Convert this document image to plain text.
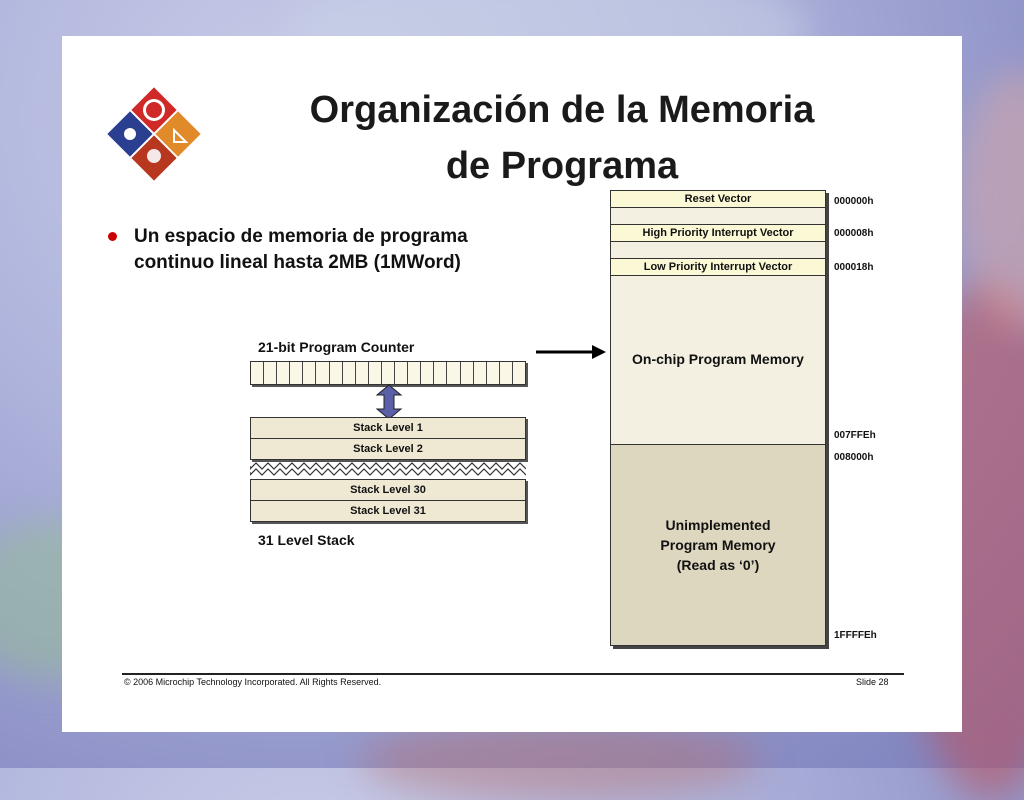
Organización de la Memoria
de Programa
Un espacio de memoria de programa
continuo lineal hasta 2MB (1MWord)
21-bit Program Counter
Stack Level 1
Stack Level 2
Stack Level 30
Stack Level 31
31 Level Stack
Reset Vector
High Priority Interrupt Vector
Low Priority Interrupt Vector
On-chip Program Memory
Unimplemented
Program Memory
(Read as ‘0’)
000000h
000008h
000018h
007FFEh
008000h
1FFFFEh
© 2006 Microchip Technology Incorporated. All Rights Reserved.	Slide 28
